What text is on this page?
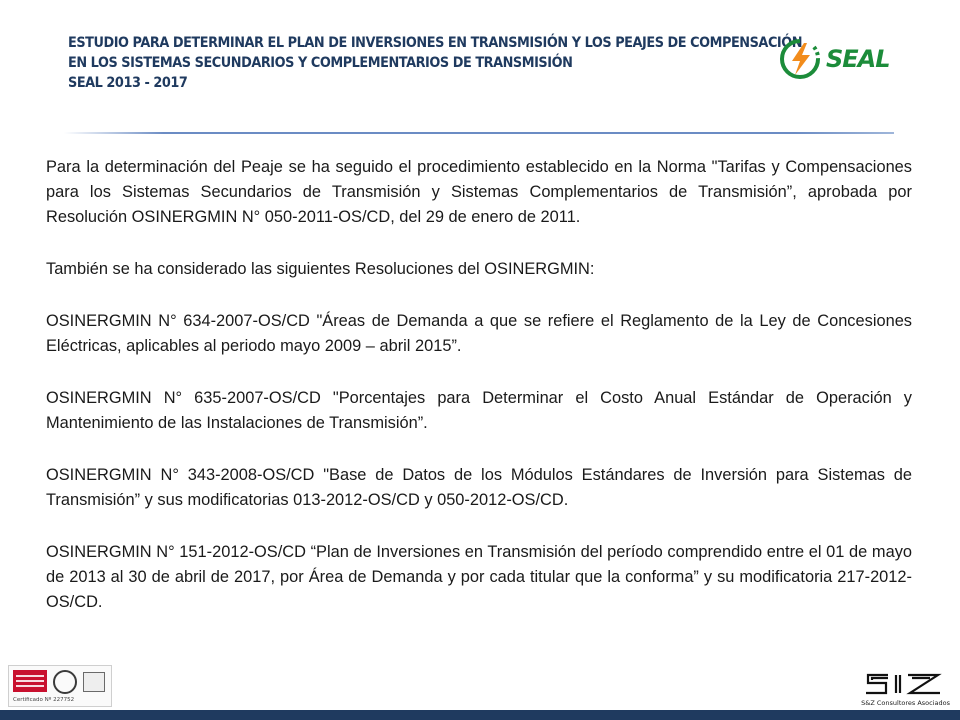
ESTUDIO PARA DETERMINAR EL PLAN DE INVERSIONES EN TRANSMISIÓN Y LOS PEAJES DE COMPENSACIÓN
EN LOS SISTEMAS SECUNDARIOS Y COMPLEMENTARIOS DE TRANSMISIÓN
SEAL 2013 - 2017
SEAL

Para la determinación del Peaje se ha seguido el procedimiento establecido en la Norma "Tarifas y Compensaciones para los Sistemas Secundarios de Transmisión y Sistemas Complementarios de Transmisión”, aprobada por Resolución OSINERGMIN N° 050-2011-OS/CD, del 29 de enero de 2011.

También se ha considerado las siguientes Resoluciones del OSINERGMIN:

OSINERGMIN N° 634-2007-OS/CD "Áreas de Demanda a que se refiere el Reglamento de la Ley de Concesiones Eléctricas, aplicables al periodo mayo 2009 – abril 2015”.

OSINERGMIN N° 635-2007-OS/CD "Porcentajes para Determinar el Costo Anual Estándar de Operación y Mantenimiento de las Instalaciones de Transmisión”.

OSINERGMIN N° 343-2008-OS/CD "Base de Datos de los Módulos Estándares de Inversión para Sistemas de Transmisión” y sus modificatorias 013-2012-OS/CD y 050-2012-OS/CD.

OSINERGMIN N° 151-2012-OS/CD “Plan de Inversiones en Transmisión del período comprendido entre el 01 de mayo de 2013 al 30 de abril de 2017, por Área de Demanda y por cada titular que la conforma” y su modificatoria 217-2012-OS/CD.

Certificado Nº 227752	S&Z Consultores Asociados
